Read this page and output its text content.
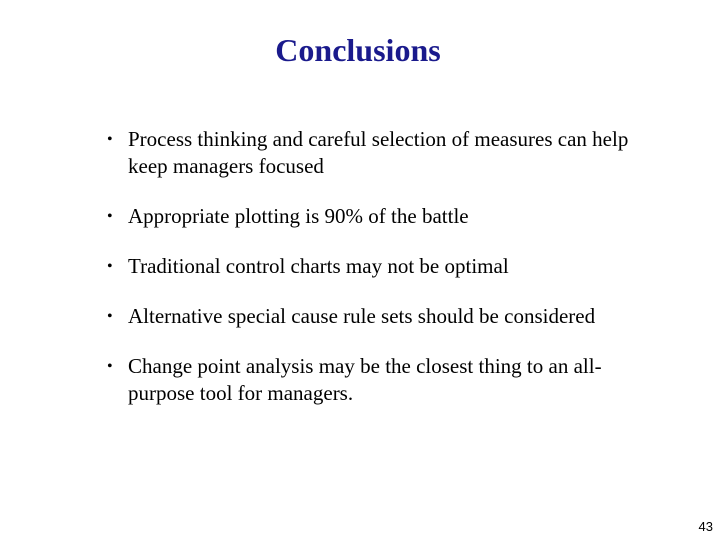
Conclusions
• Process thinking and careful selection of measures can help keep managers focused
• Appropriate plotting is 90% of the battle
• Traditional control charts may not be optimal
• Alternative special cause rule sets should be considered
• Change point analysis may be the closest thing to an all-purpose tool for managers.
43
